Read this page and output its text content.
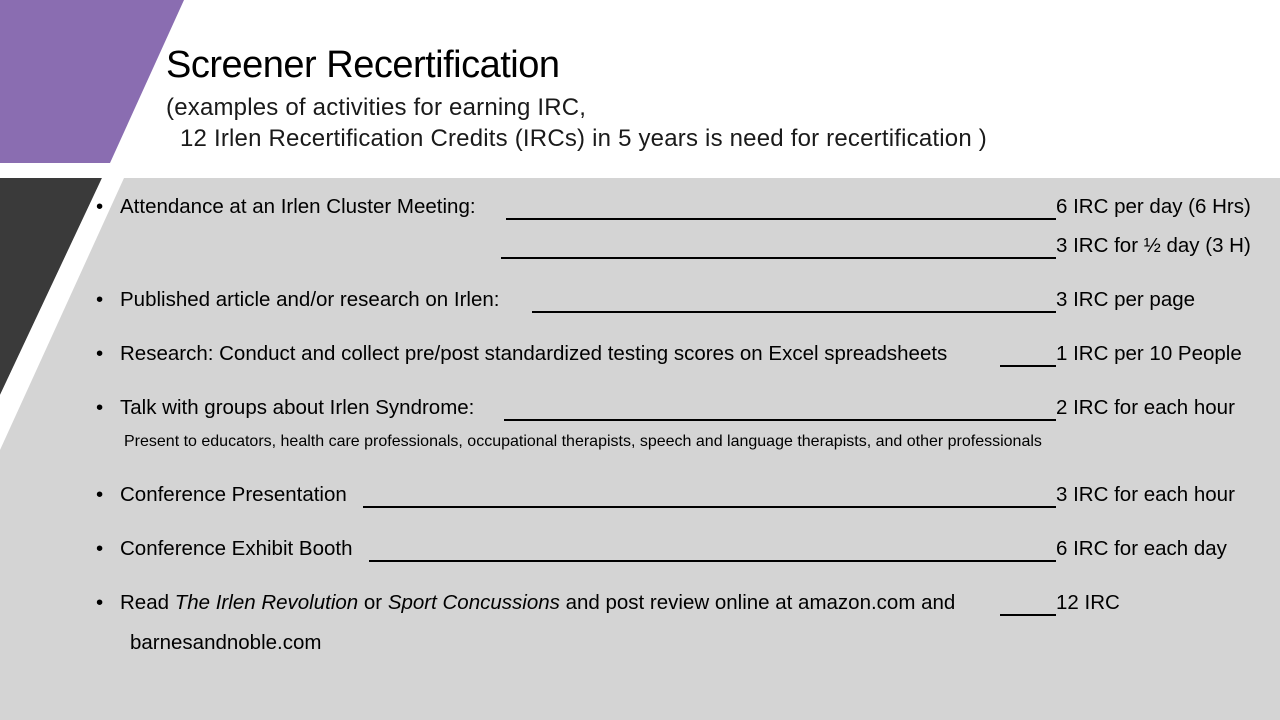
Screener Recertification
(examples of activities for earning IRC,
12 Irlen Recertification Credits (IRCs) in 5 years is need for recertification )
• Attendance at an Irlen Cluster Meeting:	6 IRC per day (6 Hrs)
3 IRC for ½ day (3 H)
• Published article and/or research on Irlen:	3 IRC per page
• Research: Conduct and collect pre/post standardized testing scores on Excel spreadsheets	1 IRC per 10 People
• Talk with groups about Irlen Syndrome:	2 IRC for each hour
Present to educators, health care professionals, occupational therapists, speech and language therapists, and other professionals
• Conference Presentation	3 IRC for each hour
• Conference Exhibit Booth	6 IRC for each day
• Read The Irlen Revolution or Sport Concussions and post review online at amazon.com and	12 IRC
barnesandnoble.com
